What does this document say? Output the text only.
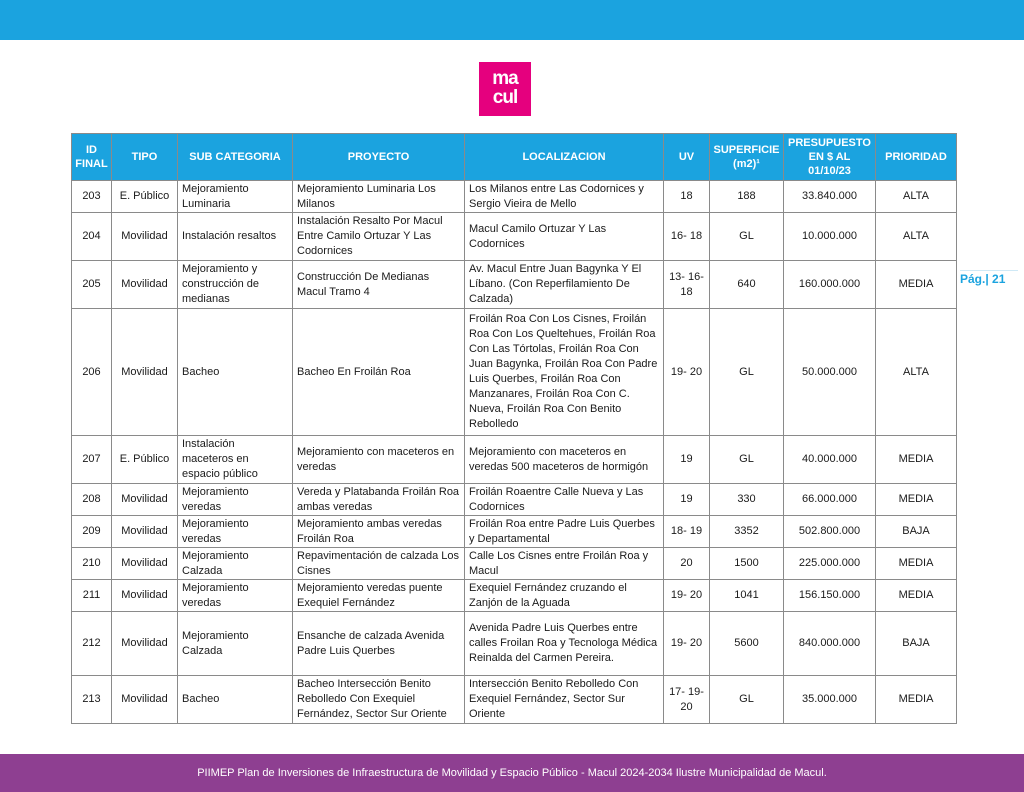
ma
cul
Pág.| 21
ID FINAL	TIPO	SUB CATEGORIA	PROYECTO	LOCALIZACION	UV	SUPERFICIE (m2)¹	PRESUPUESTO EN $ AL 01/10/23	PRIORIDAD
203	E. Público	Mejoramiento Luminaria	Mejoramiento Luminaria Los Milanos	Los Milanos entre Las Codornices y Sergio Vieira de Mello	18	188	33.840.000	ALTA
204	Movilidad	Instalación resaltos	Instalación Resalto Por Macul Entre Camilo Ortuzar Y Las Codornices	Macul Camilo Ortuzar Y Las Codornices	16- 18	GL	10.000.000	ALTA
205	Movilidad	Mejoramiento y construcción de medianas	Construcción De Medianas Macul Tramo 4	Av. Macul Entre Juan Bagynka Y El Líbano. (Con Reperfilamiento De Calzada)	13- 16- 18	640	160.000.000	MEDIA
206	Movilidad	Bacheo	Bacheo En Froilán Roa	Froilán Roa Con Los Cisnes, Froilán Roa Con Los Queltehues, Froilán Roa Con Las Tórtolas, Froilán Roa Con Juan Bagynka, Froilán Roa Con Padre Luis Querbes, Froilán Roa Con Manzanares, Froilán Roa Con C. Nueva, Froilán Roa Con Benito Rebolledo	19- 20	GL	50.000.000	ALTA
207	E. Público	Instalación maceteros en espacio público	Mejoramiento con maceteros en veredas	Mejoramiento con maceteros en veredas 500 maceteros de hormigón	19	GL	40.000.000	MEDIA
208	Movilidad	Mejoramiento veredas	Vereda y Platabanda Froilán Roa ambas veredas	Froilán Roaentre Calle Nueva y Las Codornices	19	330	66.000.000	MEDIA
209	Movilidad	Mejoramiento veredas	Mejoramiento ambas veredas Froilán Roa	Froilán Roa entre Padre Luis Querbes y Departamental	18- 19	3352	502.800.000	BAJA
210	Movilidad	Mejoramiento Calzada	Repavimentación de calzada Los Cisnes	Calle Los Cisnes entre Froilán Roa y Macul	20	1500	225.000.000	MEDIA
211	Movilidad	Mejoramiento veredas	Mejoramiento veredas puente Exequiel Fernández	Exequiel Fernández cruzando el Zanjón de la Aguada	19- 20	1041	156.150.000	MEDIA
212	Movilidad	Mejoramiento Calzada	Ensanche de calzada Avenida Padre Luis Querbes	Avenida Padre Luis Querbes entre calles Froilan Roa y Tecnologa Médica Reinalda del Carmen Pereira.	19- 20	5600	840.000.000	BAJA
213	Movilidad	Bacheo	Bacheo Intersección Benito Rebolledo Con Exequiel Fernández, Sector Sur Oriente	Intersección Benito Rebolledo Con Exequiel Fernández, Sector Sur Oriente	17- 19- 20	GL	35.000.000	MEDIA
PIIMEP Plan de Inversiones de Infraestructura de Movilidad y Espacio Público - Macul 2024-2034 Ilustre Municipalidad de Macul.
